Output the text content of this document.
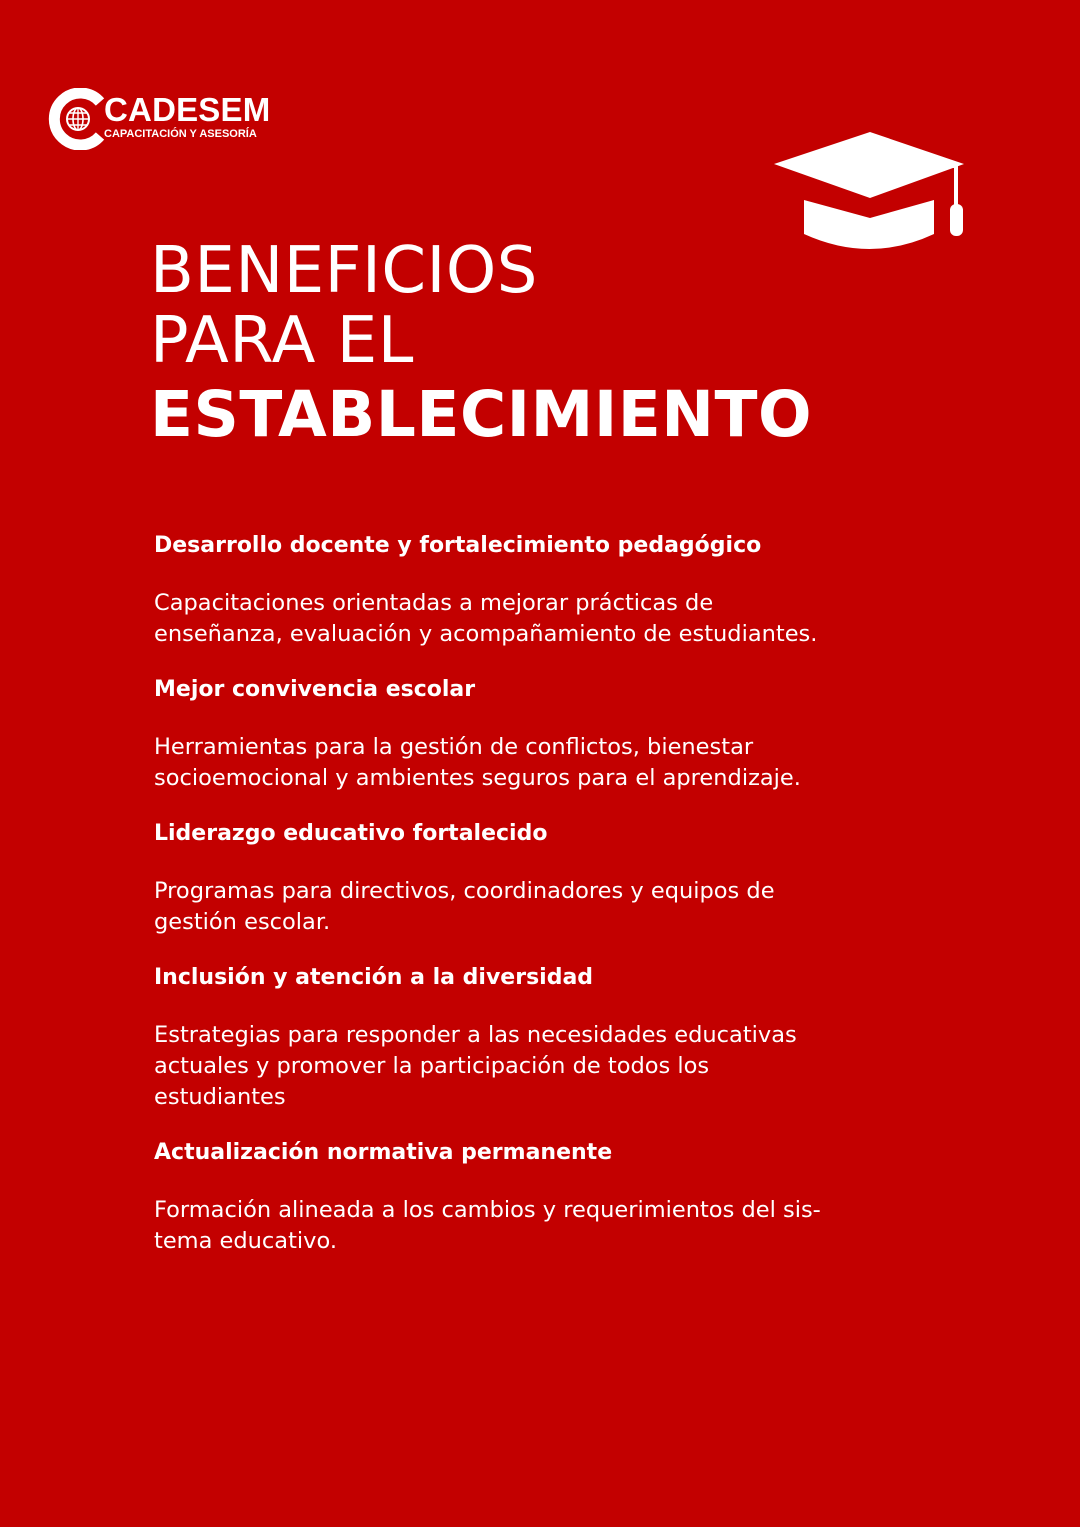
CADESEM
CAPACITACIÓN Y ASESORÍA
BENEFICIOS
PARA EL
ESTABLECIMIENTO
Desarrollo docente y fortalecimiento pedagógico
Capacitaciones orientadas a mejorar prácticas de
enseñanza, evaluación y acompañamiento de estudiantes.
Mejor convivencia escolar
Herramientas para la gestión de conflictos, bienestar
socioemocional y ambientes seguros para el aprendizaje.
Liderazgo educativo fortalecido
Programas para directivos, coordinadores y equipos de
gestión escolar.
Inclusión y atención a la diversidad
Estrategias para responder a las necesidades educativas
actuales y promover la participación de todos los
estudiantes
Actualización normativa permanente
Formación alineada a los cambios y requerimientos del sis-
tema educativo.
